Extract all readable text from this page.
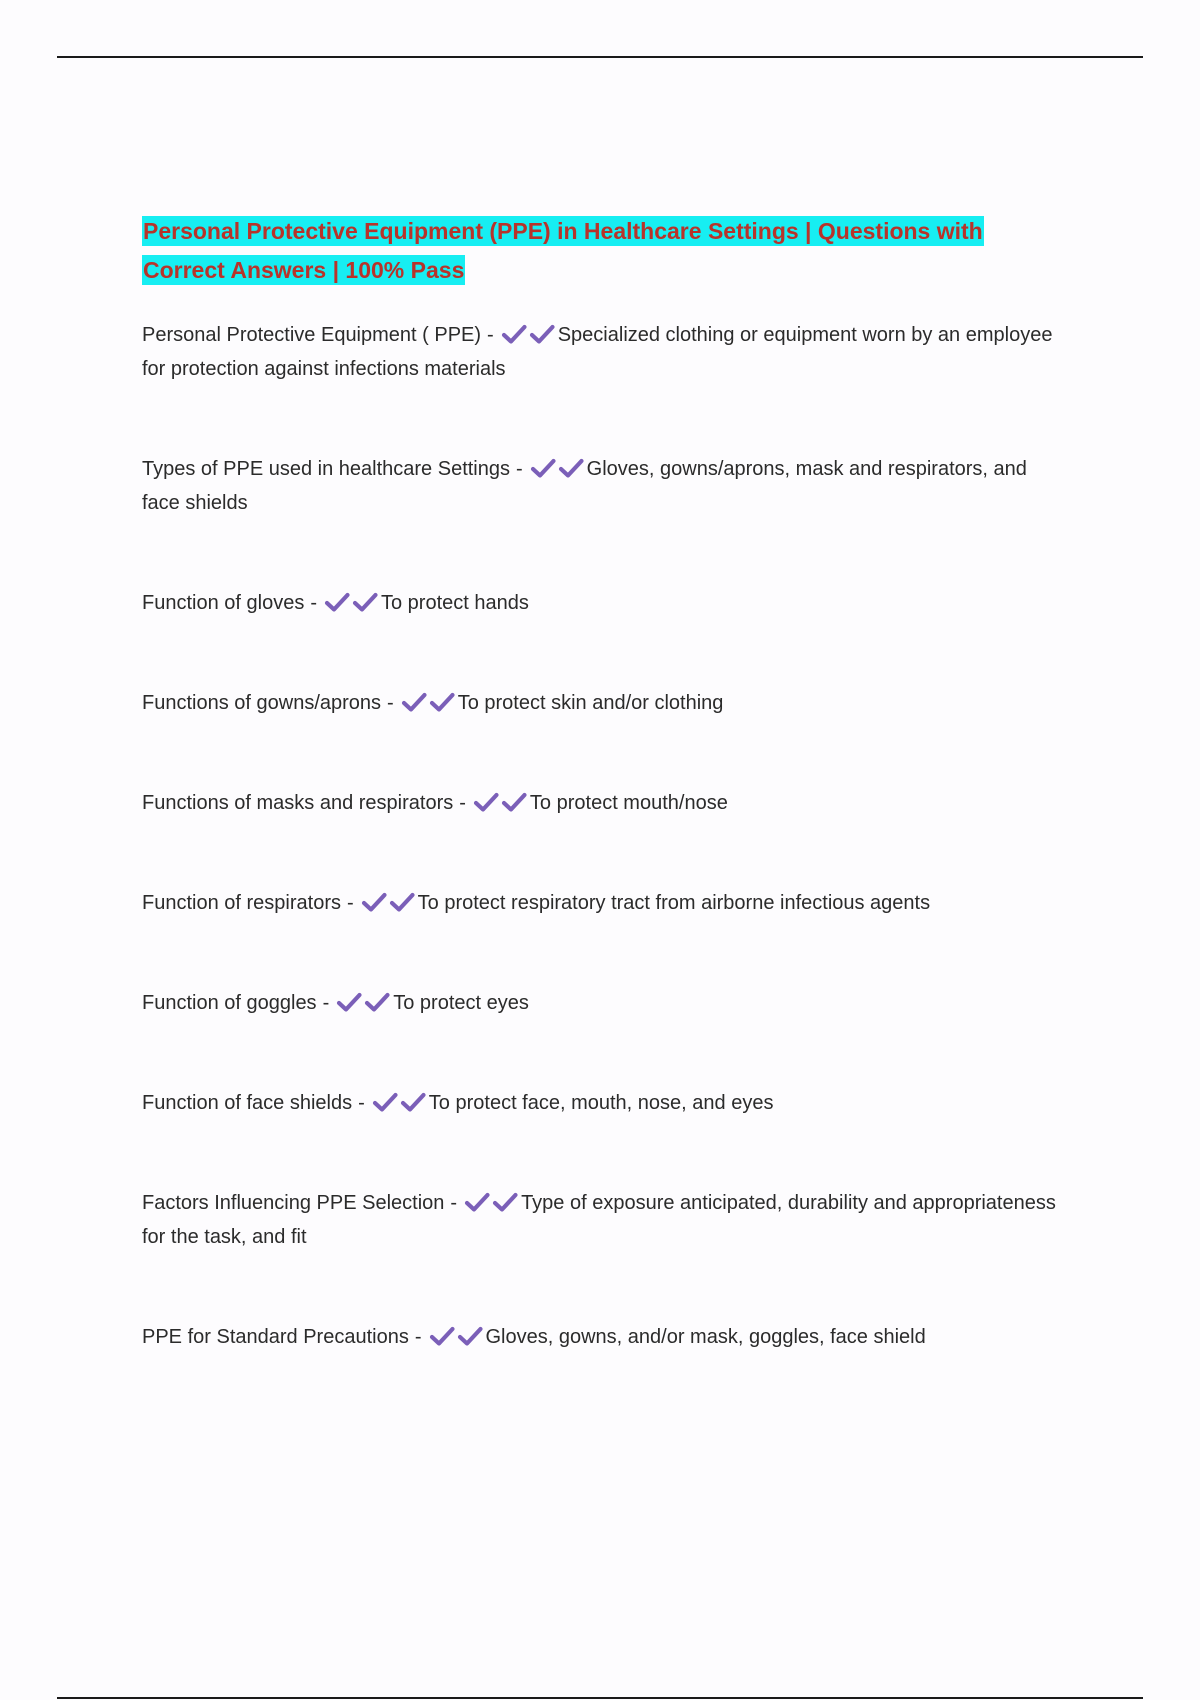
Personal Protective Equipment (PPE) in Healthcare Settings | Questions with Correct Answers | 100% Pass

Personal Protective Equipment ( PPE) -	Specialized clothing or equipment worn by an employee for protection against infections materials

Types of PPE used in healthcare Settings -	Gloves, gowns/aprons, mask and respirators, and face shields

Function of gloves -	To protect hands

Functions of gowns/aprons -	To protect skin and/or clothing

Functions of masks and respirators -	To protect mouth/nose

Function of respirators -	To protect respiratory tract from airborne infectious agents

Function of goggles -	To protect eyes

Function of face shields -	To protect face, mouth, nose, and eyes

Factors Influencing PPE Selection -	Type of exposure anticipated, durability and appropriateness for the task, and fit

PPE for Standard Precautions -	Gloves, gowns, and/or mask, goggles, face shield
